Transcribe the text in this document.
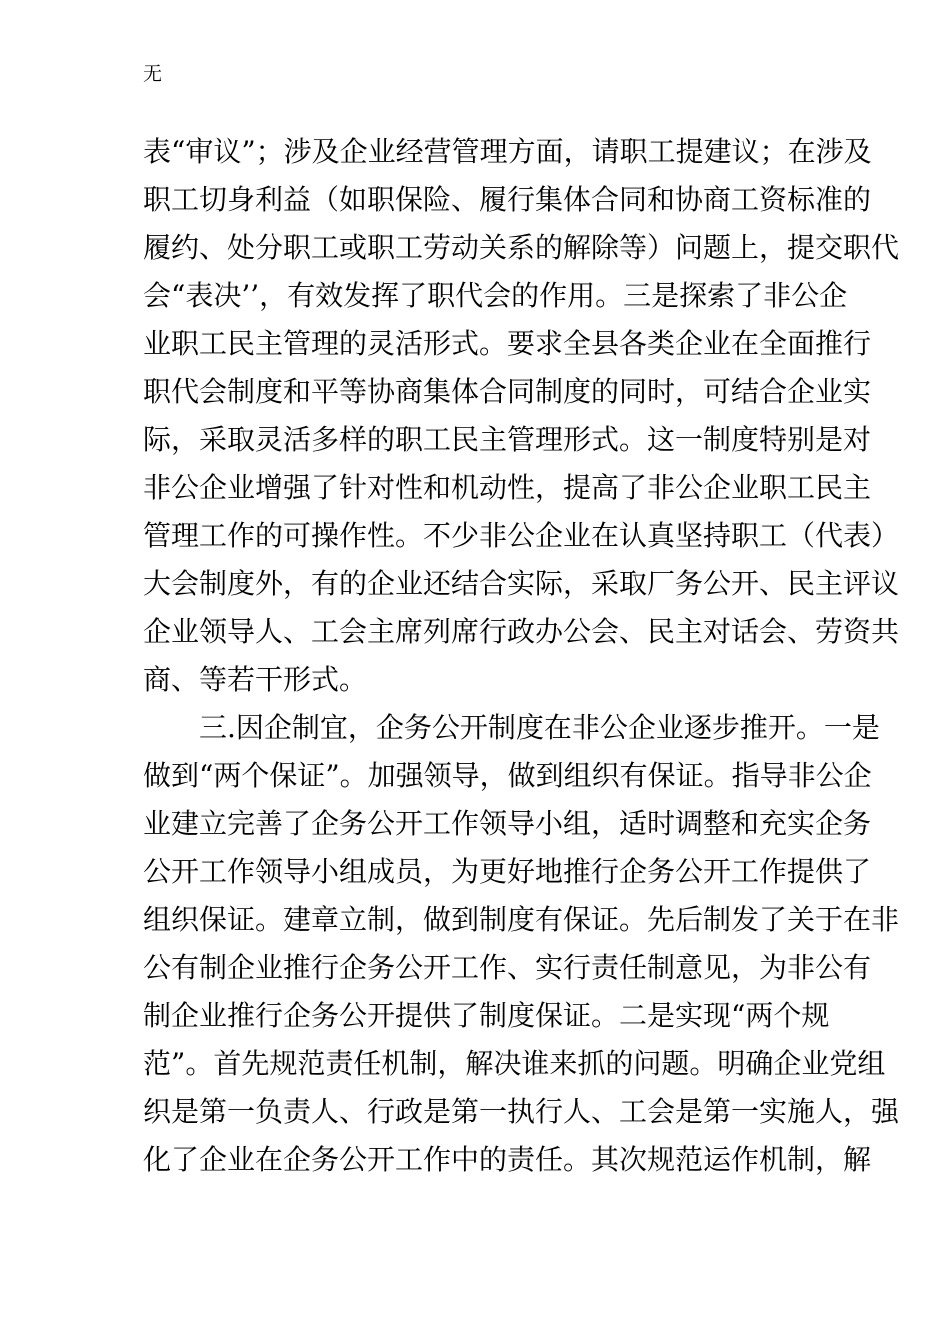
无

表“审议”；涉及企业经营管理方面，请职工提建议；在涉及

职工切身利益（如职保险、履行集体合同和协商工资标准的

履约、处分职工或职工劳动关系的解除等）问题上，提交职代

会“表决’’，有效发挥了职代会的作用。三是探索了非公企

业职工民主管理的灵活形式。要求全县各类企业在全面推行

职代会制度和平等协商集体合同制度的同时，可结合企业实

际，采取灵活多样的职工民主管理形式。这一制度特别是对

非公企业增强了针对性和机动性，提高了非公企业职工民主

管理工作的可操作性。不少非公企业在认真坚持职工（代表）

大会制度外，有的企业还结合实际，采取厂务公开、民主评议

企业领导人、工会主席列席行政办公会、民主对话会、劳资共

商、等若干形式。

　　三.因企制宜，企务公开制度在非公企业逐步推开。一是

做到“两个保证”。加强领导，做到组织有保证。指导非公企

业建立完善了企务公开工作领导小组，适时调整和充实企务

公开工作领导小组成员，为更好地推行企务公开工作提供了

组织保证。建章立制，做到制度有保证。先后制发了关于在非

公有制企业推行企务公开工作、实行责任制意见，为非公有

制企业推行企务公开提供了制度保证。二是实现“两个规

范”。首先规范责任机制，解决谁来抓的问题。明确企业党组

织是第一负责人、行政是第一执行人、工会是第一实施人，强

化了企业在企务公开工作中的责任。其次规范运作机制，解
